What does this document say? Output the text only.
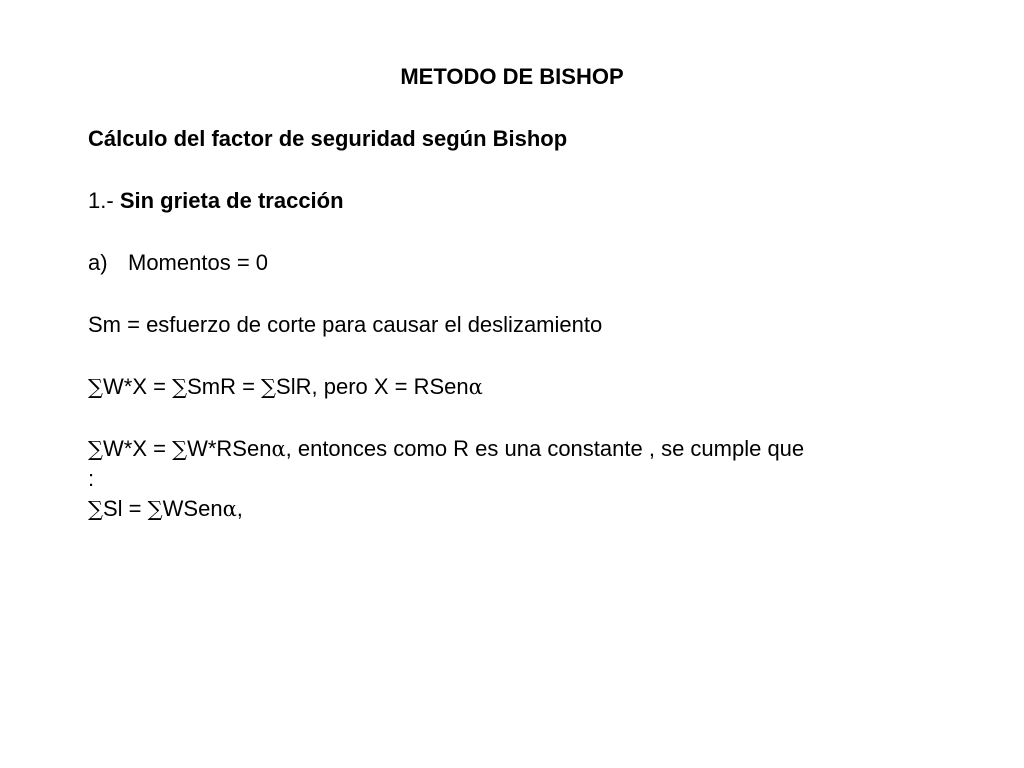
METODO DE BISHOP
Cálculo del factor de seguridad según Bishop
1.- Sin grieta de tracción
a) Momentos = 0
Sm = esfuerzo de corte para causar el deslizamiento
∑W*X = ∑SmR = ∑SlR, pero X = RSenα
∑W*X = ∑W*RSenα, entonces como R es una constante , se cumple que
:
∑Sl = ∑WSenα,
